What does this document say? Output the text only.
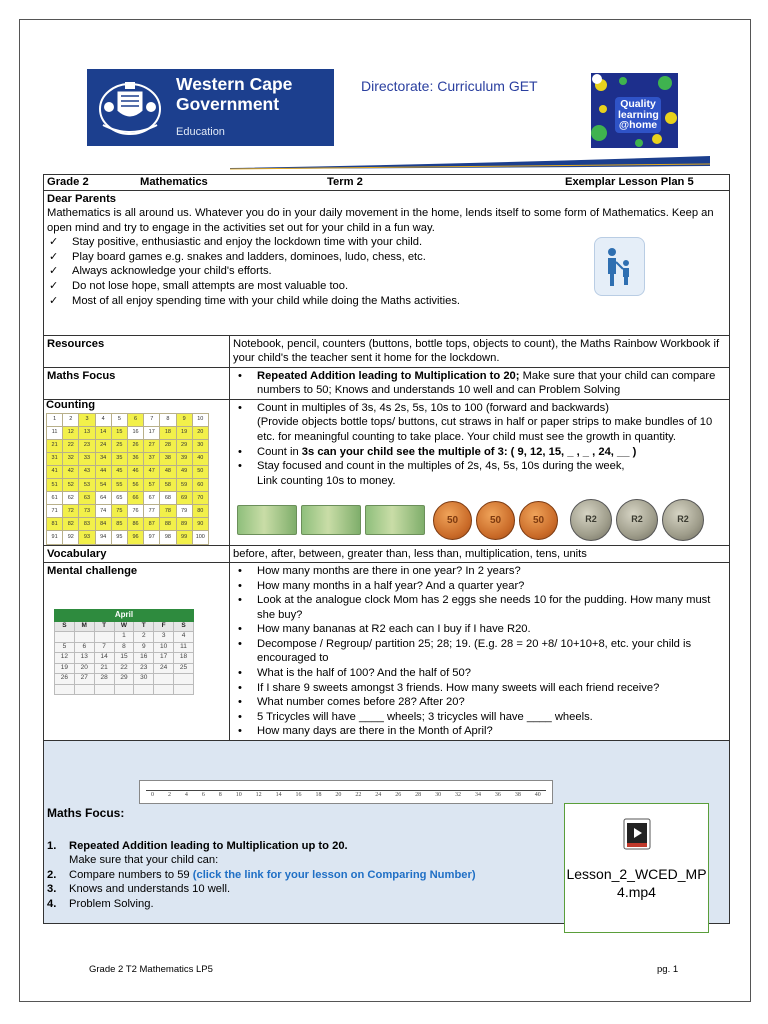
Western Cape
Government
Education
Directorate: Curriculum GET
Quality learning @home
Grade 2	Mathematics	Term 2	Exemplar Lesson Plan 5

Dear Parents
Mathematics is all around us. Whatever you do in your daily movement in the home, lends itself to some form of Mathematics. Keep an open mind and try to engage in the activities set out for your child in a fun way.
✓ Stay positive, enthusiastic and enjoy the lockdown time with your child.
✓ Play board games e.g. snakes and ladders, dominoes, ludo, chess, etc.
✓ Always acknowledge your child's efforts.
✓ Do not lose hope, small attempts are most valuable too.
✓ Most of all enjoy spending time with your child while doing the Maths activities.

Resources	Notebook, pencil, counters (buttons, bottle tops, objects to count), the Maths Rainbow Workbook if your child's the teacher sent it home for the lockdown.
Maths Focus	
•Repeated Addition leading to Multiplication to 20; Make sure that your child can compare numbers to 50; Knows and understands 10 well and can Problem Solving

Counting
1	2	3	4	5	6	7	8	9	10
11	12	13	14	15	16	17	18	19	20
21	22	23	24	25	26	27	28	29	30
31	32	33	34	35	36	37	38	39	40
41	42	43	44	45	46	47	48	49	50
51	52	53	54	55	56	57	58	59	60
61	62	63	64	65	66	67	68	69	70
71	72	73	74	75	76	77	78	79	80
81	82	83	84	85	86	87	88	89	90
91	92	93	94	95	96	97	98	99	100

• Count in multiples of 3s, 4s 2s, 5s, 10s to 100 (forward and backwards)
(Provide objects bottle tops/ buttons, cut straws in half or paper strips to make bundles of 10 etc. for meaningful counting to take place. Your child must see the growth in quantity.
• Count in 3s can your child see the multiple of 3: ( 9, 12, 15, _ , _ , 24, __ )
• Stay focused and count in the multiples of 2s, 4s, 5s, 10s during the week,
Link counting 10s to money.
50	50	50	R2	R2	R2

Vocabulary	before, after, between, greater than, less than, multiplication, tens, units

Mental challenge
April
S	M	T	W	T	F	S
			1	2	3	4
5	6	7	8	9	10	11
12	13	14	15	16	17	18
19	20	21	22	23	24	25
26	27	28	29	30		

• How many months are there in one year? In 2 years?
• How many months in a half year? And a quarter year?
• Look at the analogue clock Mom has 2 eggs she needs 10 for the pudding. How many must she buy?
• How many bananas at R2 each can I buy if I have R20.
• Decompose / Regroup/ partition 25; 28; 19. (E.g. 28 = 20 +8/ 10+10+8, etc. your child is encouraged to
• What is the half of 100? And the half of 50?
• If I share 9 sweets amongst 3 friends. How many sweets will each friend receive?
• What number comes before 28? After 20?
• 5 Tricycles will have ____ wheels; 3 tricycles will have ____ wheels.
• How many days are there in the Month of April?

0 2 4 6 8 10 12 14 16 18 20 22 24 26 28 30 32 34 36 38 40
Maths Focus:
1. Repeated Addition leading to Multiplication up to 20.
Make sure that your child can:
2. Compare numbers to 59 (click the link for your lesson on Comparing Number)
3. Knows and understands 10 well.
4. Problem Solving.
Lesson_2_WCED_MP
4.mp4
Grade 2 T2 Mathematics LP5	pg. 1
